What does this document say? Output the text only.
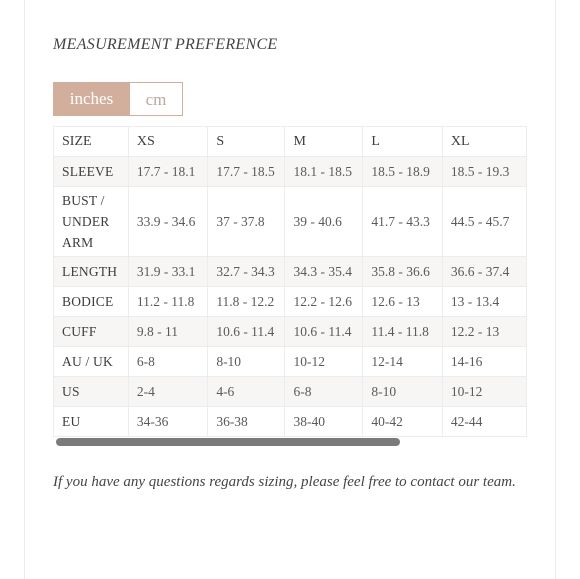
MEASUREMENT PREFERENCE
inches	cm
SIZE	XS	S	M	L	XL
SLEEVE	17.7 - 18.1	17.7 - 18.5	18.1 - 18.5	18.5 - 18.9	18.5 - 19.3
BUST / UNDER ARM	33.9 - 34.6	37 - 37.8	39 - 40.6	41.7 - 43.3	44.5 - 45.7
LENGTH	31.9 - 33.1	32.7 - 34.3	34.3 - 35.4	35.8 - 36.6	36.6 - 37.4
BODICE	11.2 - 11.8	11.8 - 12.2	12.2 - 12.6	12.6 - 13	13 - 13.4
CUFF	9.8 - 11	10.6 - 11.4	10.6 - 11.4	11.4 - 11.8	12.2 - 13
AU / UK	6-8	8-10	10-12	12-14	14-16
US	2-4	4-6	6-8	8-10	10-12
EU	34-36	36-38	38-40	40-42	42-44
If you have any questions regards sizing, please feel free to contact our team.
